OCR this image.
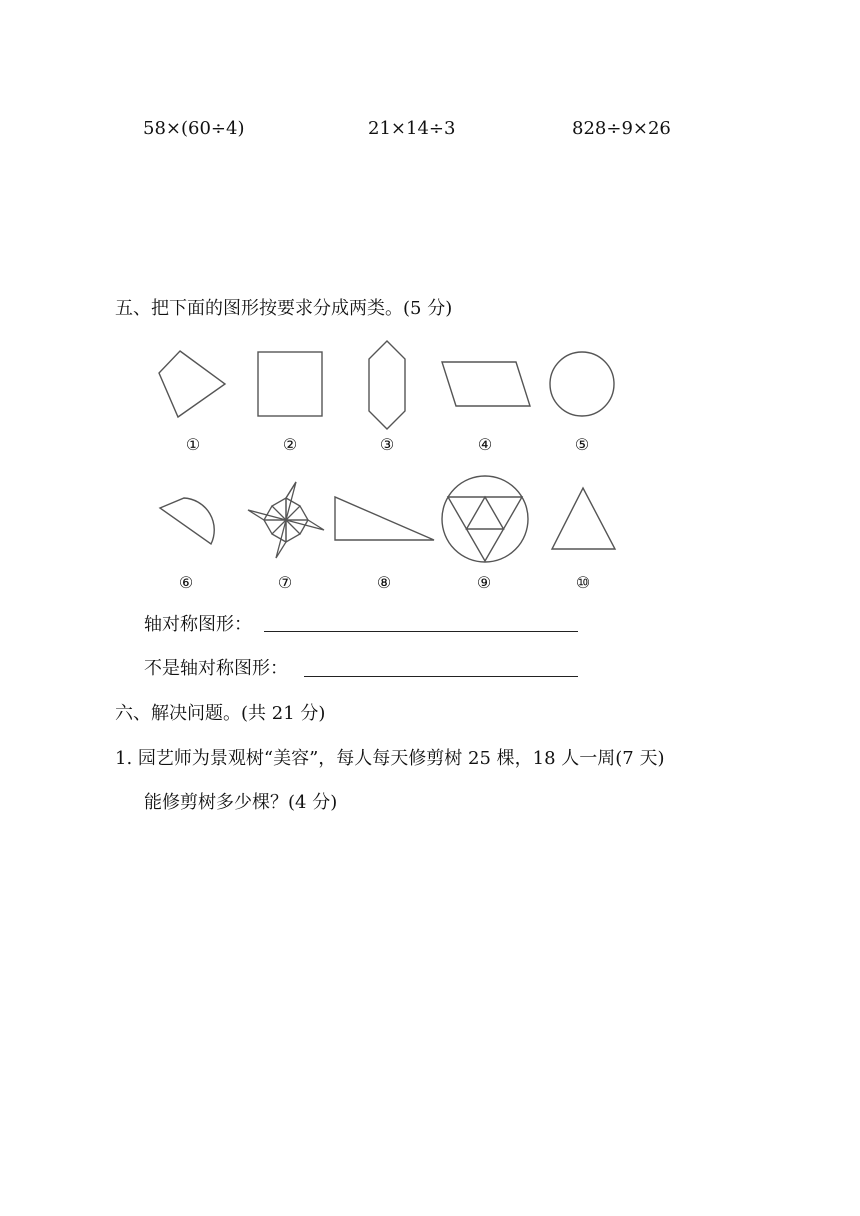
58×(60÷4)	21×14÷3	828÷9×26
五、把下面的图形按要求分成两类。(5 分)
①	②	③	④	⑤
⑥	⑦	⑧	⑨	⑩
轴对称图形：
不是轴对称图形：
六、解决问题。(共 21 分)
1. 园艺师为景观树“美容”，每人每天修剪树 25 棵，18 人一周(7 天)
能修剪树多少棵？(4 分)
